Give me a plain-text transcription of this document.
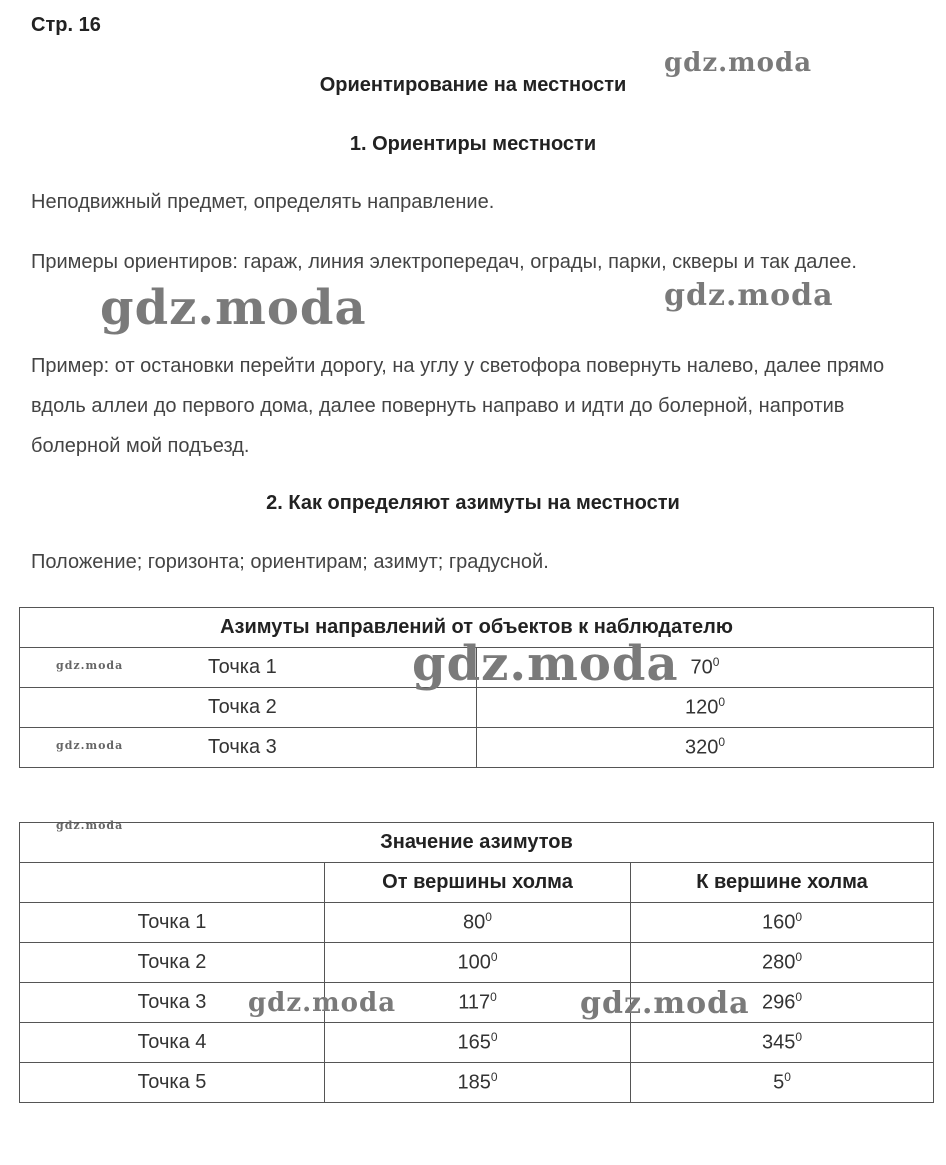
Стр. 16
Ориентирование на местности
1. Ориентиры местности
Неподвижный предмет, определять направление.
Примеры ориентиров: гараж, линия электропередач, ограды, парки, скверы и так далее.
Пример: от остановки перейти дорогу, на углу у светофора повернуть налево, далее прямо вдоль аллеи до первого дома, далее повернуть направо и идти до болерной, напротив болерной мой подъезд.
2. Как определяют азимуты на местности
Положение; горизонта; ориентирам; азимут; градусной.
Азимуты направлений от объектов к наблюдателю	
Точка 1	$70^0$
Точка 2	$120^0$
Точка 3	$320^0$
Значение азимутов		
	От вершины холма	К вершине холма
Точка 1	$80^0$	$160^0$
Точка 2	$100^0$	$280^0$
Точка 3	$117^0$	$296^0$
Точка 4	$165^0$	$345^0$
Точка 5	$185^0$	$5^0$
gdz.moda
gdz.moda	gdz.moda
gdz.moda
gdz.moda
gdz.moda
gdz.moda
gdz.moda	gdz.moda
